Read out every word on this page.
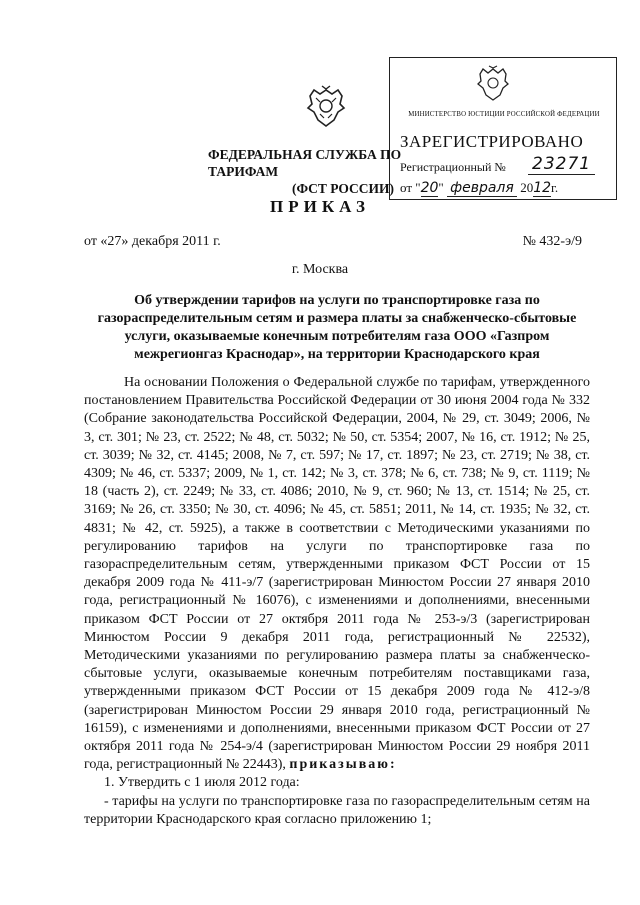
ФЕДЕРАЛЬНАЯ СЛУЖБА ПО ТАРИФАМ
(ФСТ РОССИИ)
МИНИСТЕРСТВО ЮСТИЦИИ РОССИЙСКОЙ ФЕДЕРАЦИИ
ЗАРЕГИСТРИРОВАНО
Регистрационный № 23271
от "20" февраля 2012г.
ПРИКАЗ
от «27» декабря 2011 г.	№ 432-э/9
г. Москва
Об утверждении тарифов на услуги по транспортировке газа по газораспределительным сетям и размера платы за снабженческо-сбытовые услуги, оказываемые конечным потребителям газа ООО «Газпром межрегионгаз Краснодар», на территории Краснодарского края

На основании Положения о Федеральной службе по тарифам, утвержденного постановлением Правительства Российской Федерации от 30 июня 2004 года № 332 (Собрание законодательства Российской Федерации, 2004, № 29, ст. 3049; 2006, № 3, ст. 301; № 23, ст. 2522; № 48, ст. 5032; № 50, ст. 5354; 2007, № 16, ст. 1912; № 25, ст. 3039; № 32, ст. 4145; 2008, № 7, ст. 597; № 17, ст. 1897; № 23, ст. 2719; № 38, ст. 4309; № 46, ст. 5337; 2009, № 1, ст. 142; № 3, ст. 378; № 6, ст. 738; № 9, ст. 1119; № 18 (часть 2), ст. 2249; № 33, ст. 4086; 2010, № 9, ст. 960; № 13, ст. 1514; № 25, ст. 3169; № 26, ст. 3350; № 30, ст. 4096; № 45, ст. 5851; 2011, № 14, ст. 1935; № 32, ст. 4831; № 42, ст. 5925), а также в соответствии с Методическими указаниями по регулированию тарифов на услуги по транспортировке газа по газораспределительным сетям, утвержденными приказом ФСТ России от 15 декабря 2009 года № 411-э/7 (зарегистрирован Минюстом России 27 января 2010 года, регистрационный № 16076), с изменениями и дополнениями, внесенными приказом ФСТ России от 27 октября 2011 года № 253-э/3 (зарегистрирован Минюстом России 9 декабря 2011 года, регистрационный № 22532), Методическими указаниями по регулированию размера платы за снабженческо-сбытовые услуги, оказываемые конечным потребителям поставщиками газа, утвержденными приказом ФСТ России от 15 декабря 2009 года № 412-э/8 (зарегистрирован Минюстом России 29 января 2010 года, регистрационный № 16159), с изменениями и дополнениями, внесенными приказом ФСТ России от 27 октября 2011 года № 254-э/4 (зарегистрирован Минюстом России 29 ноября 2011 года, регистрационный № 22443), приказываю:

1. Утвердить с 1 июля 2012 года:

- тарифы на услуги по транспортировке газа по газораспределительным сетям на территории Краснодарского края согласно приложению 1;
